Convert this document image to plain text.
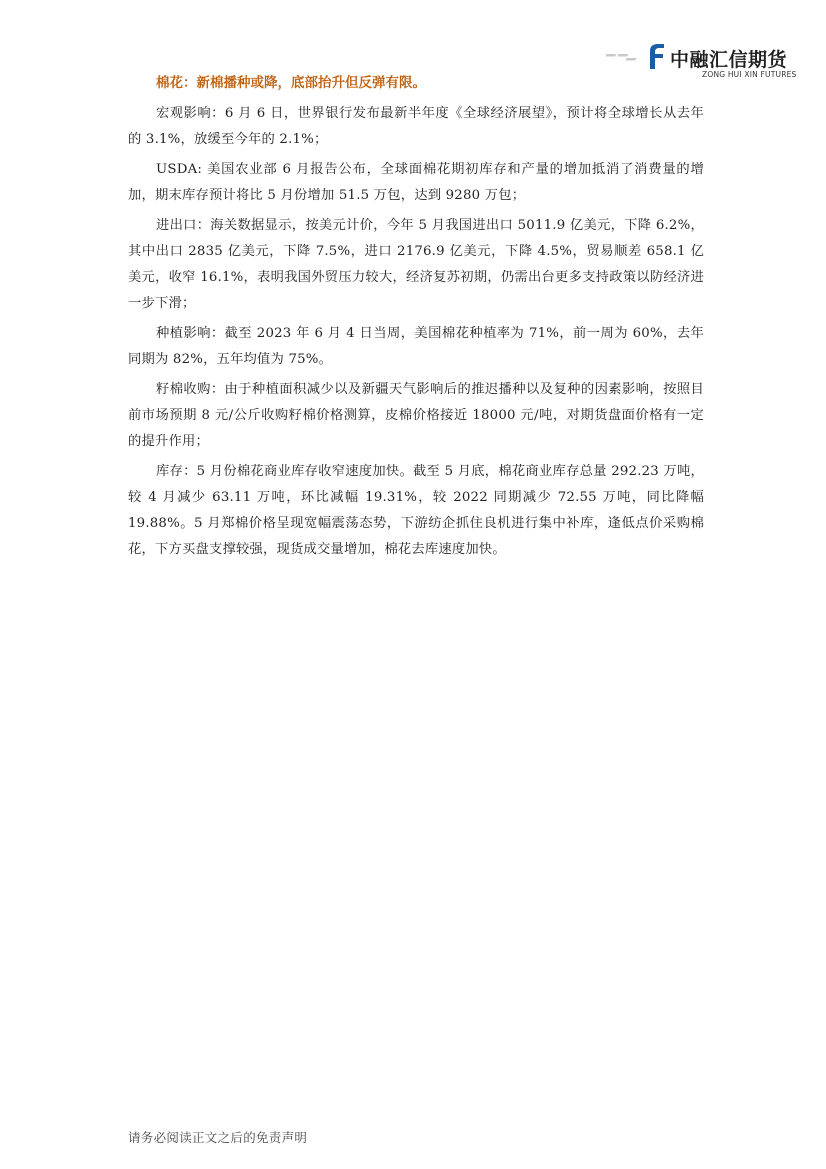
中融汇信期货
ZONG HUI XIN FUTURES
棉花：新棉播种或降，底部抬升但反弹有限。

宏观影响：6 月 6 日，世界银行发布最新半年度《全球经济展望》，预计将全球增长从去年的 3.1%，放缓至今年的 2.1%；

USDA: 美国农业部 6 月报告公布，全球面棉花期初库存和产量的增加抵消了消费量的增加，期末库存预计将比 5 月份增加 51.5 万包，达到 9280 万包；

进出口：海关数据显示，按美元计价，今年 5 月我国进出口 5011.9 亿美元，下降 6.2%，其中出口 2835 亿美元，下降 7.5%，进口 2176.9 亿美元，下降 4.5%，贸易顺差 658.1 亿美元，收窄 16.1%，表明我国外贸压力较大，经济复苏初期，仍需出台更多支持政策以防经济进一步下滑；

种植影响：截至 2023 年 6 月 4 日当周，美国棉花种植率为 71%，前一周为 60%，去年同期为 82%，五年均值为 75%。

籽棉收购：由于种植面积减少以及新疆天气影响后的推迟播种以及复种的因素影响，按照目前市场预期 8 元/公斤收购籽棉价格测算，皮棉价格接近 18000 元/吨，对期货盘面价格有一定的提升作用；

库存：5 月份棉花商业库存收窄速度加快。截至 5 月底，棉花商业库存总量 292.23 万吨，较 4 月减少 63.11 万吨，环比减幅 19.31%，较 2022 同期减少 72.55 万吨，同比降幅 19.88%。5 月郑棉价格呈现宽幅震荡态势，下游纺企抓住良机进行集中补库，逢低点价采购棉花，下方买盘支撑较强，现货成交量增加，棉花去库速度加快。

请务必阅读正文之后的免责声明
